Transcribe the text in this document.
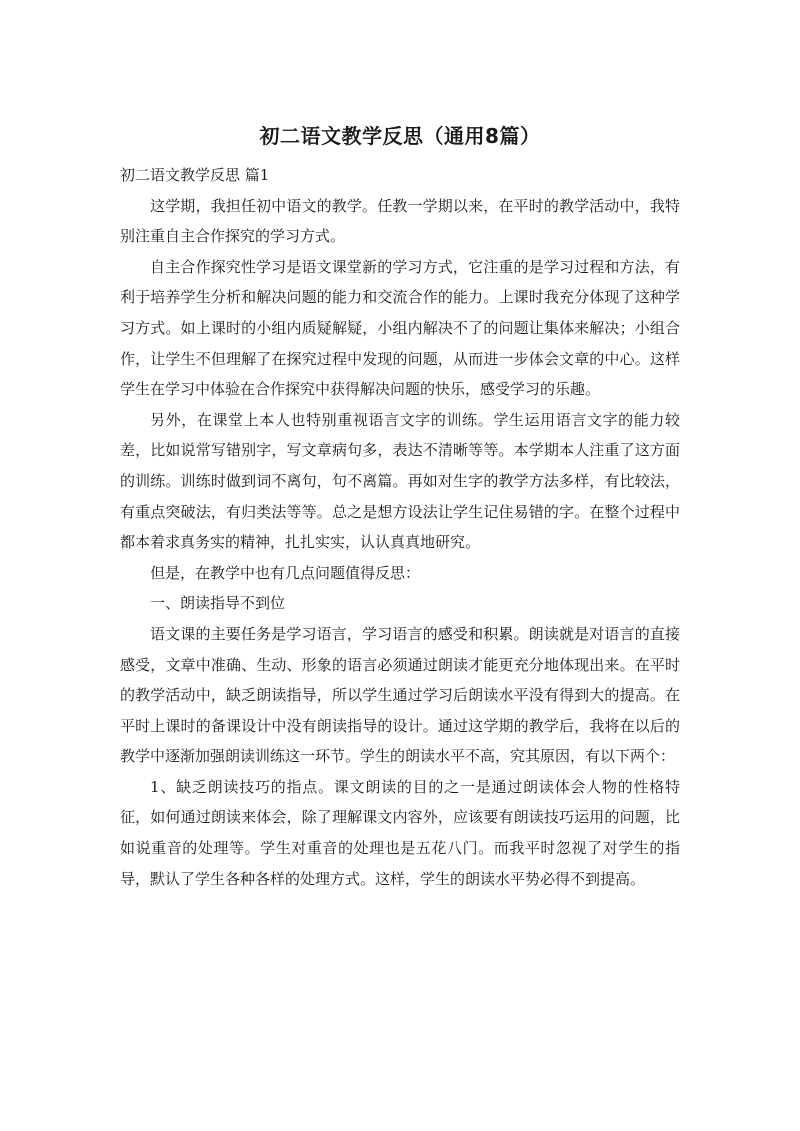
初二语文教学反思（通用8篇）

初二语文教学反思 篇1

这学期，我担任初中语文的教学。任教一学期以来，在平时的教学活动中，我特别注重自主合作探究的学习方式。

自主合作探究性学习是语文课堂新的学习方式，它注重的是学习过程和方法，有利于培养学生分析和解决问题的能力和交流合作的能力。上课时我充分体现了这种学习方式。如上课时的小组内质疑解疑，小组内解决不了的问题让集体来解决；小组合作，让学生不但理解了在探究过程中发现的问题，从而进一步体会文章的中心。这样学生在学习中体验在合作探究中获得解决问题的快乐，感受学习的乐趣。

另外，在课堂上本人也特别重视语言文字的训练。学生运用语言文字的能力较差，比如说常写错别字，写文章病句多，表达不清晰等等。本学期本人注重了这方面的训练。训练时做到词不离句，句不离篇。再如对生字的教学方法多样，有比较法，有重点突破法，有归类法等等。总之是想方设法让学生记住易错的字。在整个过程中都本着求真务实的精神，扎扎实实，认认真真地研究。

但是，在教学中也有几点问题值得反思：

一、朗读指导不到位

语文课的主要任务是学习语言，学习语言的感受和积累。朗读就是对语言的直接感受，文章中准确、生动、形象的语言必须通过朗读才能更充分地体现出来。在平时的教学活动中，缺乏朗读指导，所以学生通过学习后朗读水平没有得到大的提高。在平时上课时的备课设计中没有朗读指导的设计。通过这学期的教学后，我将在以后的教学中逐渐加强朗读训练这一环节。学生的朗读水平不高，究其原因，有以下两个：

1、缺乏朗读技巧的指点。课文朗读的目的之一是通过朗读体会人物的性格特征，如何通过朗读来体会，除了理解课文内容外，应该要有朗读技巧运用的问题，比如说重音的处理等。学生对重音的处理也是五花八门。而我平时忽视了对学生的指导，默认了学生各种各样的处理方式。这样，学生的朗读水平势必得不到提高。
